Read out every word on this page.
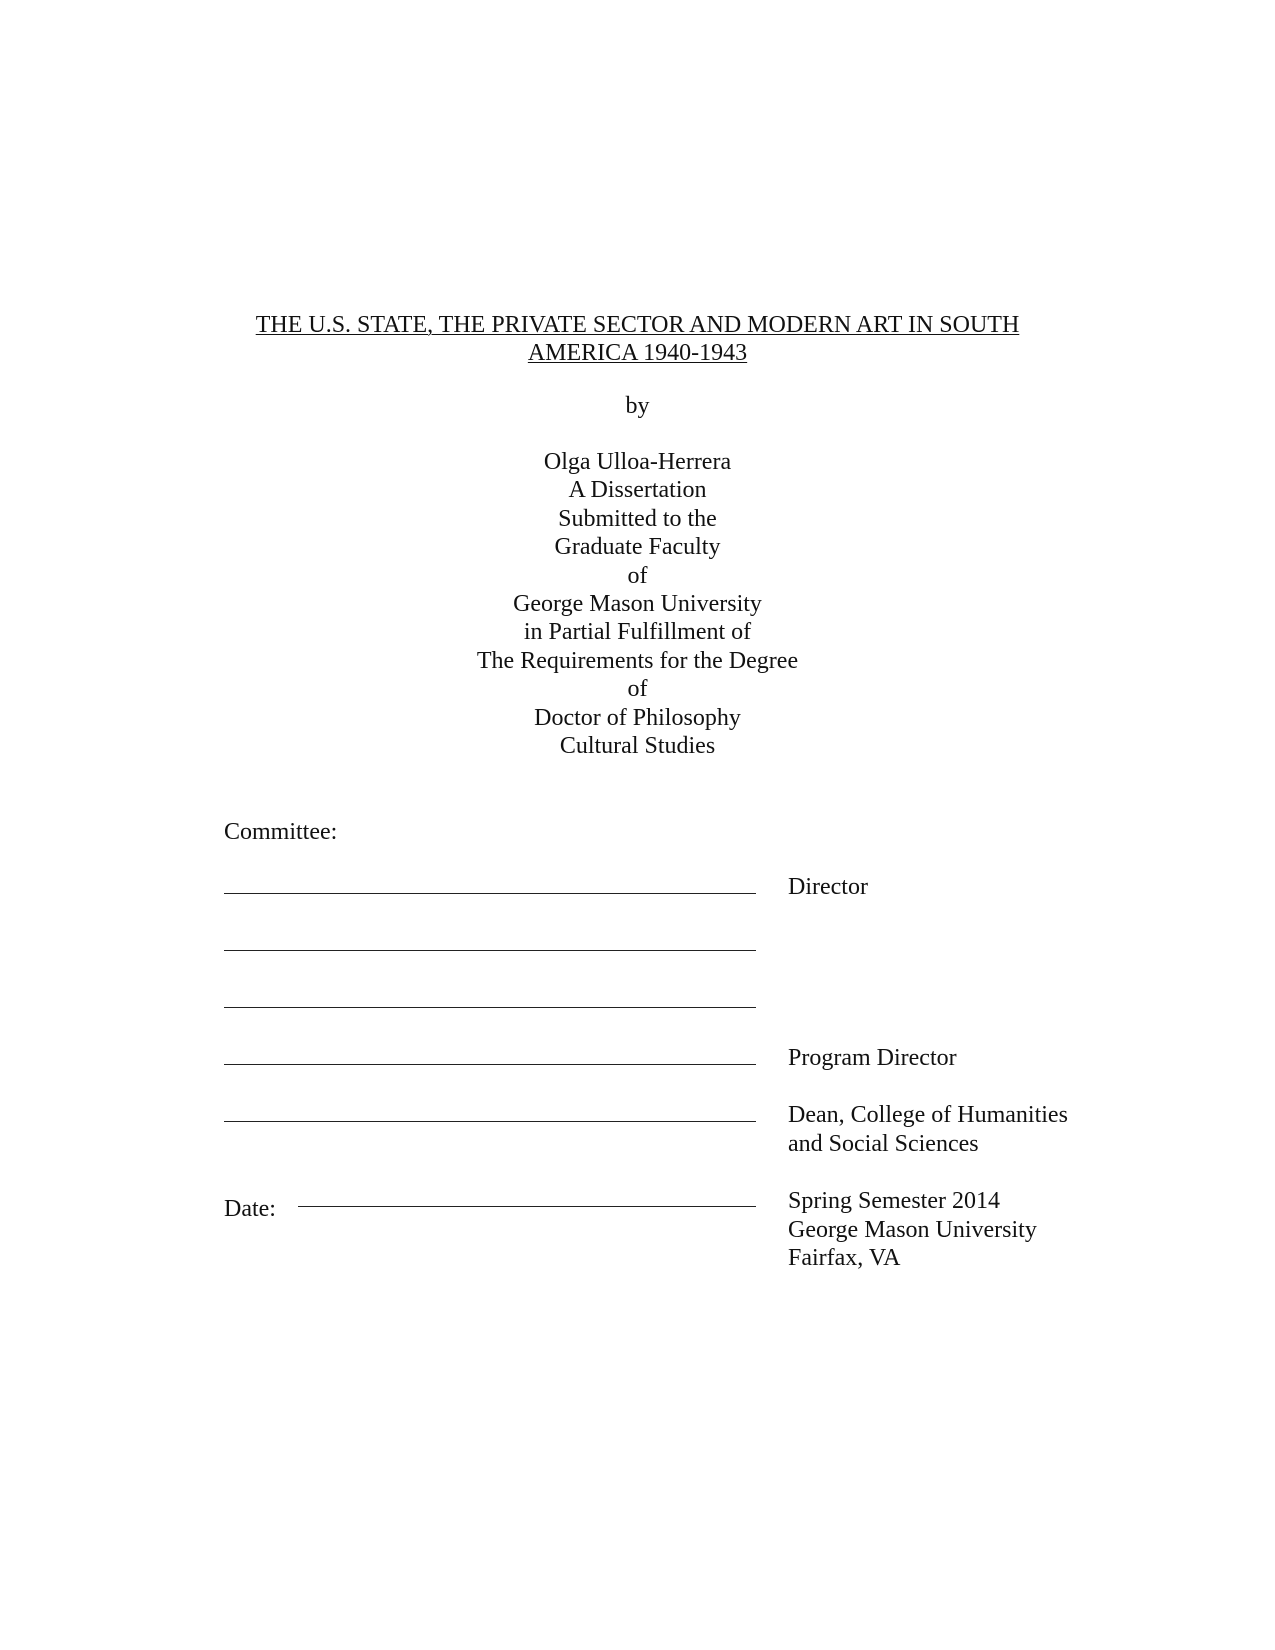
THE U.S. STATE, THE PRIVATE SECTOR AND MODERN ART IN SOUTH
AMERICA 1940-1943
by
Olga Ulloa-Herrera
A Dissertation
Submitted to the
Graduate Faculty
of
George Mason University
in Partial Fulfillment of
The Requirements for the Degree
of
Doctor of Philosophy
Cultural Studies
Committee:
Director
Program Director
Dean, College of Humanities
and Social Sciences
Date:	Spring Semester 2014
George Mason University
Fairfax, VA
